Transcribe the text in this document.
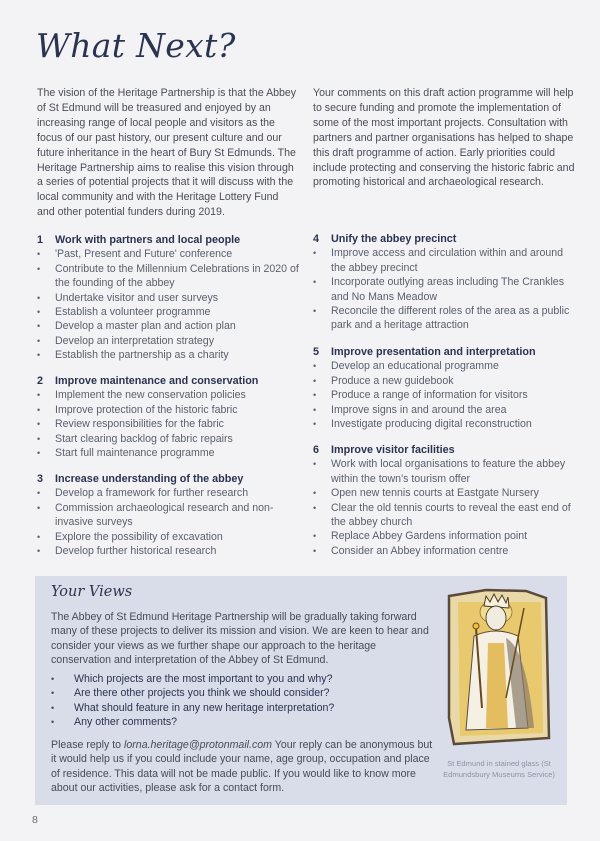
What Next?

The vision of the Heritage Partnership is that the Abbey of St Edmund will be treasured and enjoyed by an increasing range of local people and visitors as the focus of our past history, our present culture and our future inheritance in the heart of Bury St Edmunds. The Heritage Partnership aims to realise this vision through a series of potential projects that it will discuss with the local community and with the Heritage Lottery Fund and other potential funders during 2019.

Your comments on this draft action programme will help to secure funding and promote the implementation of some of the most important projects. Consultation with partners and partner organisations has helped to shape this draft programme of action. Early priorities could include protecting and conserving the historic fabric and promoting historical and archaeological research.

1	Work with partners and local people
•	'Past, Present and Future' conference
•	Contribute to the Millennium Celebrations in 2020 of the founding of the abbey
•	Undertake visitor and user surveys
•	Establish a volunteer programme
•	Develop a master plan and action plan
•	Develop an interpretation strategy
•	Establish the partnership as a charity
2	Improve maintenance and conservation
•	Implement the new conservation policies
•	Improve protection of the historic fabric
•	Review responsibilities for the fabric
•	Start clearing backlog of fabric repairs
•	Start full maintenance programme
3	Increase understanding of the abbey
•	Develop a framework for further research
•	Commission archaeological research and non-invasive surveys
•	Explore the possibility of excavation
•	Develop further historical research
4	Unify the abbey precinct
•	Improve access and circulation within and around the abbey precinct
•	Incorporate outlying areas including The Crankles and No Mans Meadow
•	Reconcile the different roles of the area as a public park and a heritage attraction
5	Improve presentation and interpretation
•	Develop an educational programme
•	Produce a new guidebook
•	Produce a range of information for visitors
•	Improve signs in and around the area
•	Investigate producing digital reconstruction
6	Improve visitor facilities
•	Work with local organisations to feature the abbey within the town's tourism offer
•	Open new tennis courts at Eastgate Nursery
•	Clear the old tennis courts to reveal the east end of the abbey church
•	Replace Abbey Gardens information point
•	Consider an Abbey information centre
Your Views

The Abbey of St Edmund Heritage Partnership will be gradually taking forward many of these projects to deliver its mission and vision. We are keen to hear and consider your views as we further shape our approach to the heritage conservation and interpretation of the Abbey of St Edmund.

•	Which projects are the most important to you and why?
•	Are there other projects you think we should consider?
•	What should feature in any new heritage interpretation?
•	Any other comments?

Please reply to lorna.heritage@protonmail.com Your reply can be anonymous but it would help us if you could include your name, age group, occupation and place of residence. This data will not be made public. If you would like to know more about our activities, please ask for a contact form.

St Edmund in stained glass (St Edmundsbury Museums Service)

8
